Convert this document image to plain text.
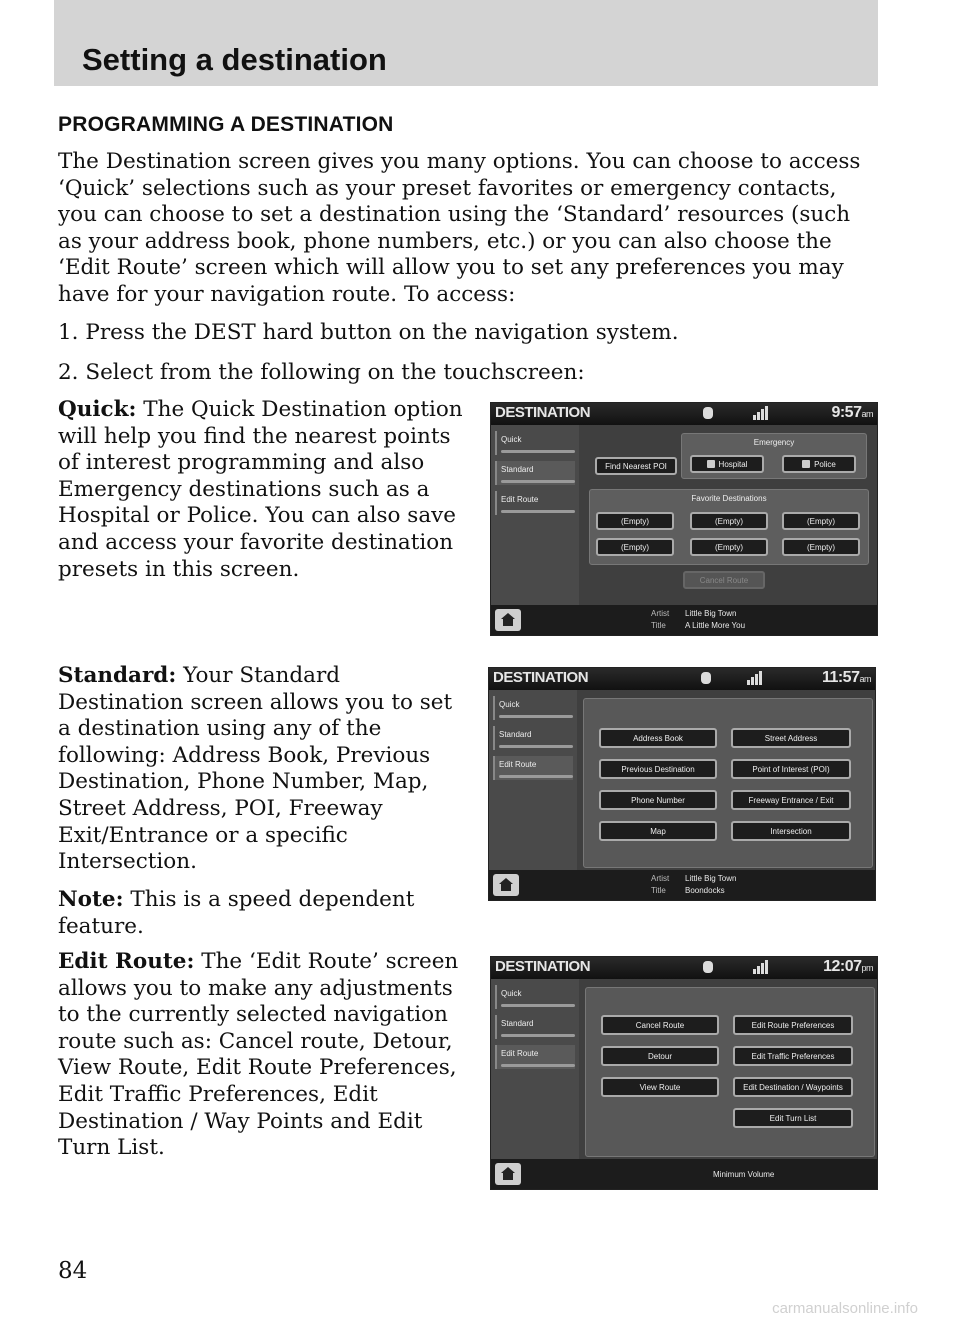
Setting a destination
PROGRAMMING A DESTINATION

The Destination screen gives you many options. You can choose to access ‘Quick’ selections such as your preset favorites or emergency contacts, you can choose to set a destination using the ‘Standard’ resources (such as your address book, phone numbers, etc.) or you can also choose the ‘Edit Route’ screen which will allow you to set any preferences you may have for your navigation route. To access:

1. Press the DEST hard button on the navigation system.

2. Select from the following on the touchscreen:

Quick: The Quick Destination option will help you find the nearest points of interest programming and also Emergency destinations such as a Hospital or Police. You can also save and access your favorite destination presets in this screen.

Standard: Your Standard Destination screen allows you to set a destination using any of the following: Address Book, Previous Destination, Phone Number, Map, Street Address, POI, Freeway Exit/Entrance or a specific Intersection.

Note: This is a speed dependent feature.

Edit Route: The ‘Edit Route’ screen allows you to make any adjustments to the currently selected navigation route such as: Cancel route, Detour, View Route, Edit Route Preferences, Edit Traffic Preferences, Edit Destination / Way Points and Edit Turn List.

DESTINATION	9:57am
Quick
Standard
Edit Route
Find Nearest POI
Emergency
Hospital	Police
Favorite Destinations
(Empty)	(Empty)	(Empty)
(Empty)	(Empty)	(Empty)
Cancel Route
Artist Little Big Town
Title A Little More You
DESTINATION	11:57am
Quick
Standard
Edit Route
Address Book	Street Address
Previous Destination	Point of Interest (POI)
Phone Number	Freeway Entrance / Exit
Map	Intersection
Artist Little Big Town
Title Boondocks
DESTINATION	12:07pm
Quick
Standard
Edit Route
Cancel Route	Edit Route Preferences
Detour	Edit Traffic Preferences
View Route	Edit Destination / Waypoints
Edit Turn List
Minimum Volume
84
carmanualsonline.info
